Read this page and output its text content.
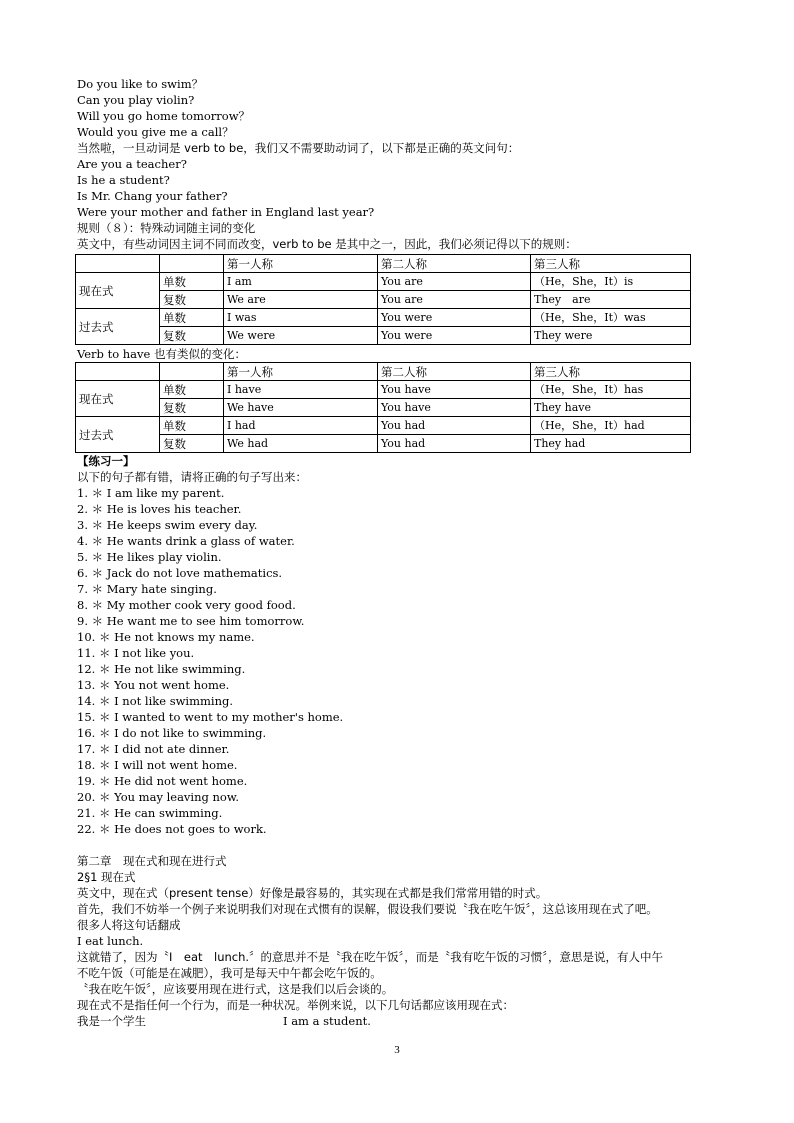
Do you like to swim？
Can you play violin?
Will you go home tomorrow？
Would you give me a call？
当然啦，一旦动词是 verb to be，我们又不需要助动词了，以下都是正确的英文问句：
Are you a teacher?
Is he a student?
Is Mr. Chang your father?
Were your mother and father in England last year?
规则（８）：特殊动词随主词的变化
英文中，有些动词因主词不同而改变，verb to be 是其中之一，因此，我们必须记得以下的规则：
		第一人称	第二人称	第三人称
现在式	单数	I am	You are	（He，She，It）is
	复数	We are	You are	They　are
过去式	单数	I was	You were	（He，She，It）was
	复数	We were	You were	They were
Verb to have 也有类似的变化：
		第一人称	第二人称	第三人称
现在式	单数	I have	You have	（He，She，It）has
	复数	We have	You have	They have
过去式	单数	I had	You had	（He，She，It）had
	复数	We had	You had	They had
【练习一】
以下的句子都有错，请将正确的句子写出来：
1. ＊ I am like my parent.
2. ＊ He is loves his teacher.
3. ＊ He keeps swim every day.
4. ＊ He wants drink a glass of water.
5. ＊ He likes play violin.
6. ＊ Jack do not love mathematics.
7. ＊ Mary hate singing.
8. ＊ My mother cook very good food.
9. ＊ He want me to see him tomorrow.
10. ＊ He not knows my name.
11. ＊ I not like you.
12. ＊ He not like swimming.
13. ＊ You not went home.
14. ＊ I not like swimming.
15. ＊ I wanted to went to my mother's home.
16. ＊ I do not like to swimming.
17. ＊ I did not ate dinner.
18. ＊ I will not went home.
19. ＊ He did not went home.
20. ＊ You may leaving now.
21. ＊ He can swimming.
22. ＊ He does not goes to work.
第二章　现在式和现在进行式
2§1 现在式
英文中，现在式（present tense）好像是最容易的，其实现在式都是我们常常用错的时式。
首先，我们不妨举一个例子来说明我们对现在式惯有的误解，假设我们要说〝我在吃午饭〞，这总该用现在式了吧。
很多人将这句话翻成
I eat lunch.
这就错了，因为〝I　eat　lunch.〞的意思并不是〝我在吃午饭〞，而是〝我有吃午饭的习惯〞，意思是说，有人中午
不吃午饭（可能是在减肥），我可是每天中午都会吃午饭的。
〝我在吃午饭〞，应该要用现在进行式，这是我们以后会谈的。
现在式不是指任何一个行为，而是一种状况。举例来说，以下几句话都应该用现在式：
我是一个学生	I am a student.
3
